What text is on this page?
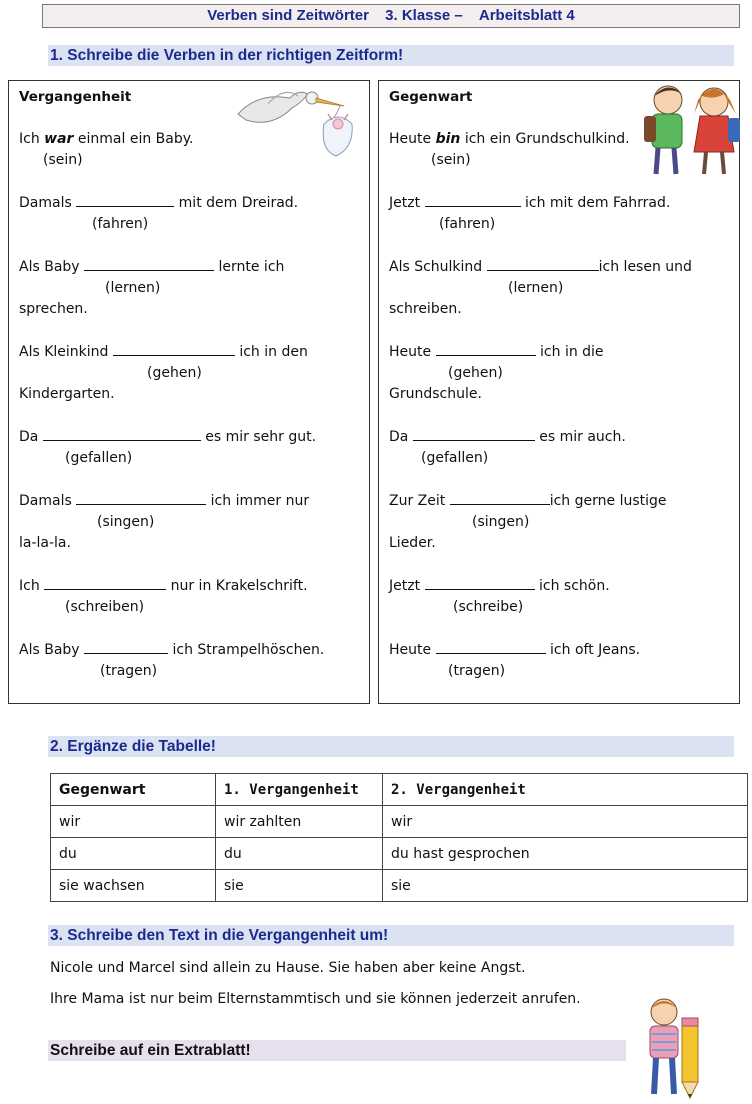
Verben sind Zeitwörter 3. Klasse – Arbeitsblatt 4
1. Schreibe die Verben in der richtigen Zeitform!
Vergangenheit	Gegenwart
Ich war einmal ein Baby.
(sein)
Damals	mit dem Dreirad.
(fahren)
Als Baby	lernte ich
(lernen)
sprechen.
Als Kleinkind	ich in den
(gehen)
Kindergarten.
Da	es mir sehr gut.
(gefallen)
Damals	ich immer nur
(singen)
la-la-la.
Ich	nur in Krakelschrift.
(schreiben)
Als Baby	ich Strampelhöschen.
(tragen)
Heute bin ich ein Grundschulkind.
(sein)
Jetzt	ich mit dem Fahrrad.
(fahren)
Als Schulkind	ich lesen und
(lernen)
schreiben.
Heute	ich in die
(gehen)
Grundschule.
Da	es mir auch.
(gefallen)
Zur Zeit	ich gerne lustige
(singen)
Lieder.
Jetzt	ich schön.
(schreibe)
Heute	ich oft Jeans.
(tragen)
2. Ergänze die Tabelle!
Gegenwart	1. Vergangenheit	2. Vergangenheit
wir	wir zahlten	wir
du	du	du hast gesprochen
sie wachsen	sie	sie
3. Schreibe den Text in die Vergangenheit um!
Nicole und Marcel sind allein zu Hause. Sie haben aber keine Angst.
Ihre Mama ist nur beim Elternstammtisch und sie können jederzeit anrufen.
Schreibe auf ein Extrablatt!
